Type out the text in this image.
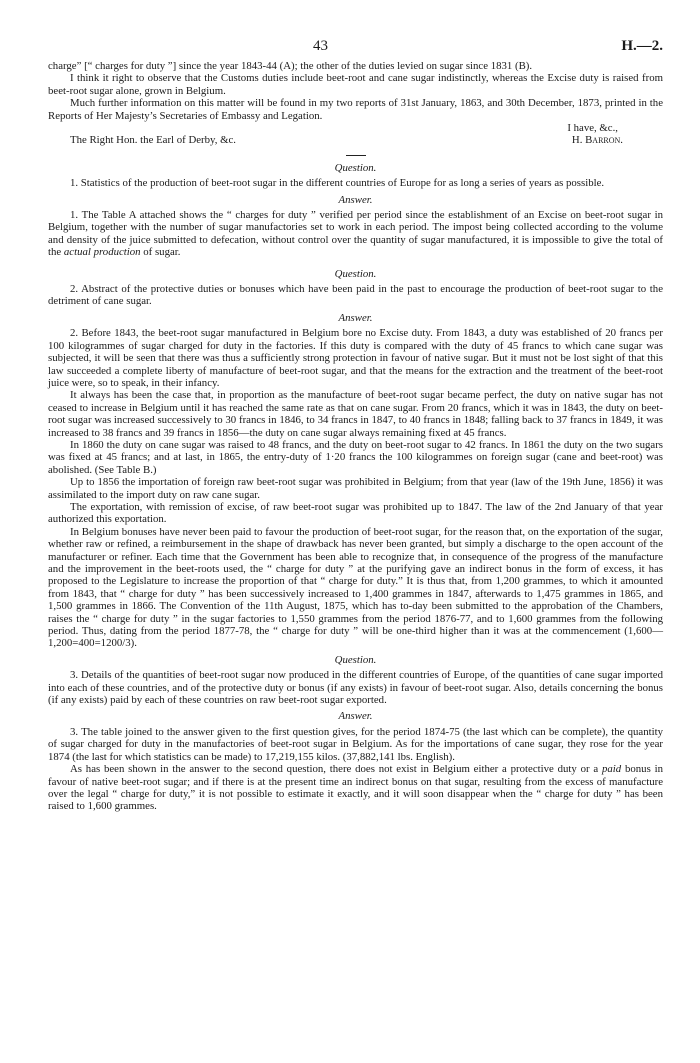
43	H.—2.

charge” [“ charges for duty ”] since the year 1843-44 (A); the other of the duties levied on sugar since 1831 (B).

I think it right to observe that the Customs duties include beet-root and cane sugar indistinctly, whereas the Excise duty is raised from beet-root sugar alone, grown in Belgium.

Much further information on this matter will be found in my two reports of 31st January, 1863, and 30th December, 1873, printed in the Reports of Her Majesty’s Secretaries of Embassy and Legation.

I have, &c.,

The Right Hon. the Earl of Derby, &c.	H. Barron.
Question.

1. Statistics of the production of beet-root sugar in the different countries of Europe for as long a series of years as possible.

Answer.

1. The Table A attached shows the “ charges for duty ” verified per period since the establishment of an Excise on beet-root sugar in Belgium, together with the number of sugar manufactories set to work in each period. The impost being collected according to the volume and density of the juice submitted to defecation, without control over the quantity of sugar manufactured, it is impossible to give the total of the actual production of sugar.

Question.

2. Abstract of the protective duties or bonuses which have been paid in the past to encourage the production of beet-root sugar to the detriment of cane sugar.

Answer.

2. Before 1843, the beet-root sugar manufactured in Belgium bore no Excise duty. From 1843, a duty was established of 20 francs per 100 kilogrammes of sugar charged for duty in the factories. If this duty is compared with the duty of 45 francs to which cane sugar was subjected, it will be seen that there was thus a sufficiently strong protection in favour of native sugar. But it must not be lost sight of that this law succeeded a complete liberty of manufacture of beet-root sugar, and that the means for the extraction and the treatment of the beet-root juice were, so to speak, in their infancy.

It always has been the case that, in proportion as the manufacture of beet-root sugar became perfect, the duty on native sugar has not ceased to increase in Belgium until it has reached the same rate as that on cane sugar. From 20 francs, which it was in 1843, the duty on beet-root sugar was increased successively to 30 francs in 1846, to 34 francs in 1847, to 40 francs in 1848; falling back to 37 francs in 1849, it was increased to 38 francs and 39 francs in 1856—the duty on cane sugar always remaining fixed at 45 francs.

In 1860 the duty on cane sugar was raised to 48 francs, and the duty on beet-root sugar to 42 francs. In 1861 the duty on the two sugars was fixed at 45 francs; and at last, in 1865, the entry-duty of 1·20 francs the 100 kilogrammes on foreign sugar (cane and beet-root) was abolished. (See Table B.)

Up to 1856 the importation of foreign raw beet-root sugar was prohibited in Belgium; from that year (law of the 19th June, 1856) it was assimilated to the import duty on raw cane sugar.

The exportation, with remission of excise, of raw beet-root sugar was prohibited up to 1847. The law of the 2nd January of that year authorized this exportation.

In Belgium bonuses have never been paid to favour the production of beet-root sugar, for the reason that, on the exportation of the sugar, whether raw or refined, a reimbursement in the shape of drawback has never been granted, but simply a discharge to the open account of the manufacturer or refiner. Each time that the Government has been able to recognize that, in consequence of the progress of the manufacture and the improvement in the beet-roots used, the “ charge for duty ” at the purifying gave an indirect bonus in the form of excess, it has proposed to the Legislature to increase the proportion of that “ charge for duty.” It is thus that, from 1,200 grammes, to which it amounted from 1843, that “ charge for duty ” has been successively increased to 1,400 grammes in 1847, afterwards to 1,475 grammes in 1865, and 1,500 grammes in 1866. The Convention of the 11th August, 1875, which has to-day been submitted to the approbation of the Chambers, raises the “ charge for duty ” in the sugar factories to 1,550 grammes from the period 1876-77, and to 1,600 grammes from the following period. Thus, dating from the period 1877-78, the “ charge for duty ” will be one-third higher than it was at the commencement (1,600—1,200=400=1200/3).

Question.

3. Details of the quantities of beet-root sugar now produced in the different countries of Europe, of the quantities of cane sugar imported into each of these countries, and of the protective duty or bonus (if any exists) in favour of beet-root sugar. Also, details concerning the bonus (if any exists) paid by each of these countries on raw beet-root sugar exported.

Answer.

3. The table joined to the answer given to the first question gives, for the period 1874-75 (the last which can be complete), the quantity of sugar charged for duty in the manufactories of beet-root sugar in Belgium. As for the importations of cane sugar, they rose for the year 1874 (the last for which statistics can be made) to 17,219,155 kilos. (37,882,141 lbs. English).

As has been shown in the answer to the second question, there does not exist in Belgium either a protective duty or a paid bonus in favour of native beet-root sugar; and if there is at the present time an indirect bonus on that sugar, resulting from the excess of manufacture over the legal “ charge for duty,” it is not possible to estimate it exactly, and it will soon disappear when the “ charge for duty ” has been raised to 1,600 grammes.
